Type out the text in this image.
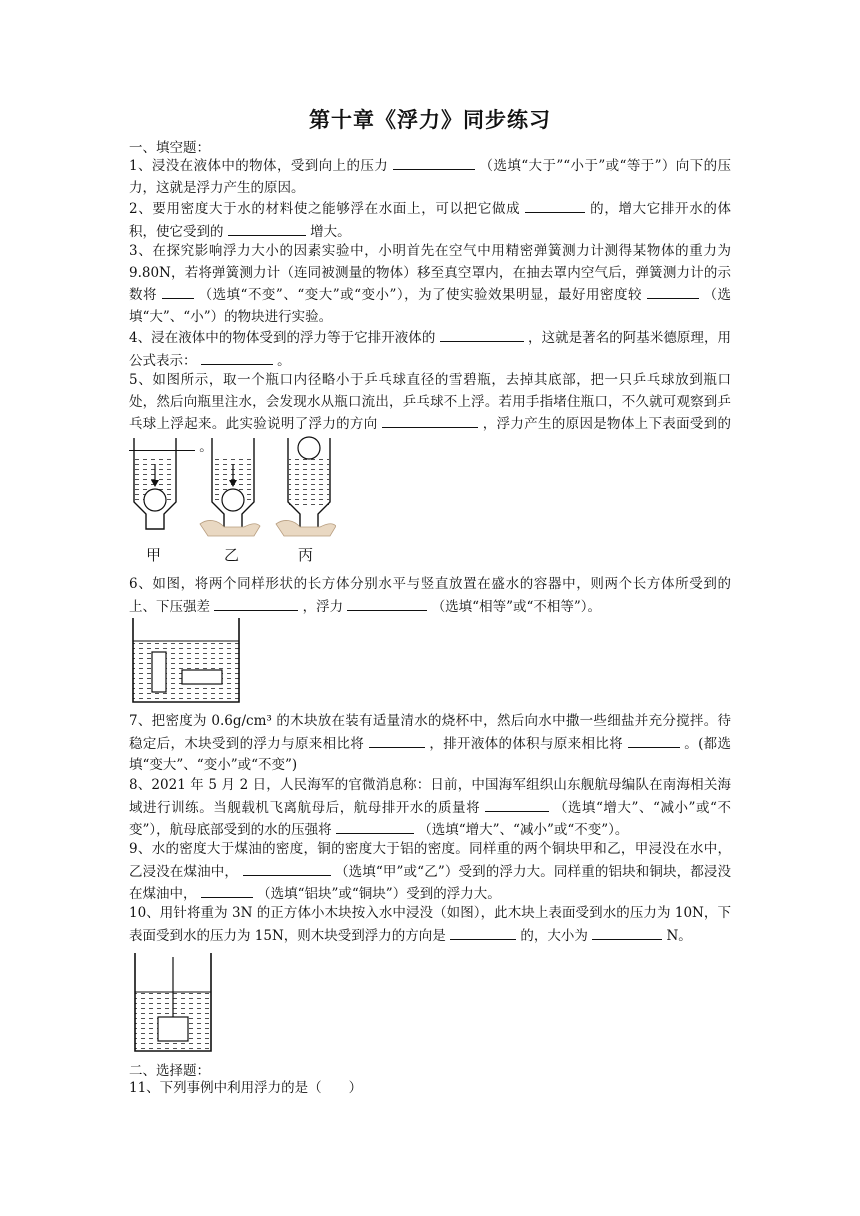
第十章《浮力》同步练习
一、填空题：
1、浸没在液体中的物体，受到向上的压力	（选填“大于”“小于”或“等于”）向下的压力，这就是浮力产生的原因。
2、要用密度大于水的材料使之能够浮在水面上，可以把它做成	的，增大它排开水的体积，使它受到的	增大。
3、在探究影响浮力大小的因素实验中，小明首先在空气中用精密弹簧测力计测得某物体的重力为 9.80N，若将弹簧测力计（连同被测量的物体）移至真空罩内，在抽去罩内空气后，弹簧测力计的示数将	（选填“不变”、“变大”或“变小”），为了使实验效果明显，最好用密度较	（选填“大”、“小”）的物块进行实验。
4、浸在液体中的物体受到的浮力等于它排开液体的	，这就是著名的阿基米德原理，用公式表示：	。
5、如图所示，取一个瓶口内径略小于乒乓球直径的雪碧瓶，去掉其底部，把一只乒乓球放到瓶口处，然后向瓶里注水，会发现水从瓶口流出，乒乓球不上浮。若用手指堵住瓶口，不久就可观察到乒乓球上浮起来。此实验说明了浮力的方向	，浮力产生的原因是物体上下表面受到的  。
甲	乙	丙
6、如图，将两个同样形状的长方体分别水平与竖直放置在盛水的容器中，则两个长方体所受到的上、下压强差	，浮力	（选填“相等”或“不相等”）。
7、把密度为 0.6g/cm³ 的木块放在装有适量清水的烧杯中，然后向水中撒一些细盐并充分搅拌。待稳定后，木块受到的浮力与原来相比将	，排开液体的体积与原来相比将	。(都选填“变大”、“变小”或“不变”)
8、2021 年 5 月 2 日，人民海军的官微消息称：日前，中国海军组织山东舰航母编队在南海相关海域进行训练。当舰载机飞离航母后，航母排开水的质量将	（选填“增大”、“减小”或“不变”），航母底部受到的水的压强将	（选填“增大”、“减小”或“不变”）。
9、水的密度大于煤油的密度，铜的密度大于铝的密度。同样重的两个铜块甲和乙，甲浸没在水中，乙浸没在煤油中，	（选填“甲”或“乙”）受到的浮力大。同样重的铝块和铜块，都浸没在煤油中，	（选填“铝块”或“铜块”）受到的浮力大。
10、用针将重为 3N 的正方体小木块按入水中浸没（如图），此木块上表面受到水的压力为 10N，下表面受到水的压力为 15N，则木块受到浮力的方向是	的，大小为	N。
二、选择题：
11、下列事例中利用浮力的是（　　）
